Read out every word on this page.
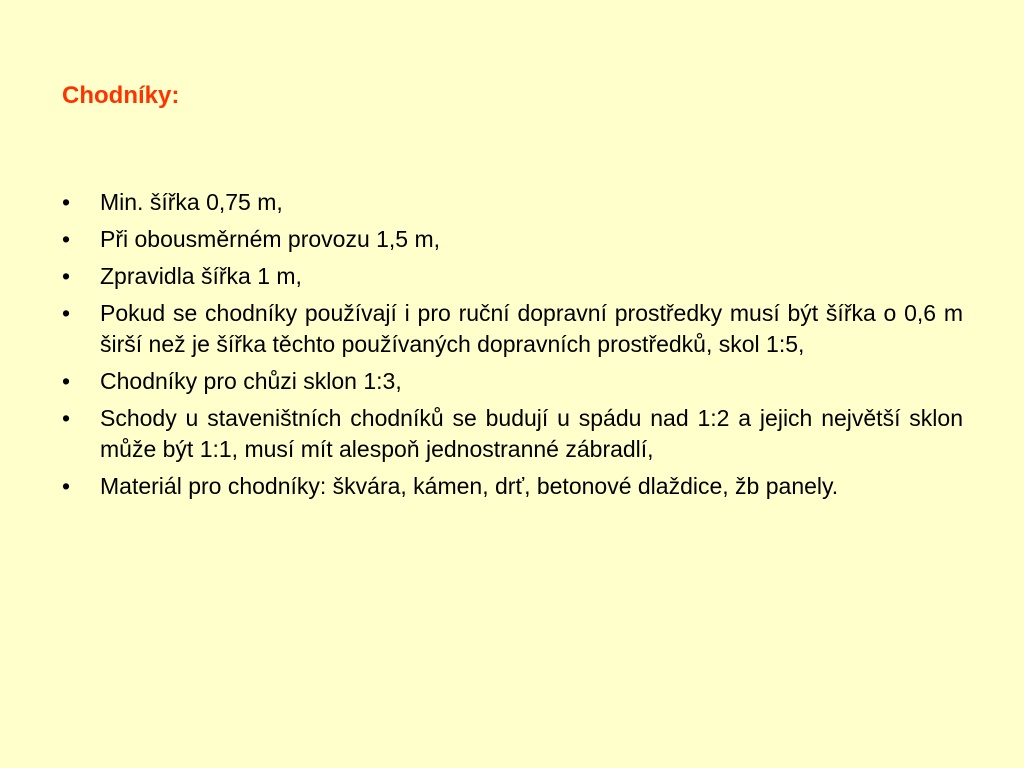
Chodníky:
•	Min. šířka 0,75 m,
•	Při obousměrném provozu 1,5 m,
•	Zpravidla šířka 1 m,
•	Pokud se chodníky používají i pro ruční dopravní prostředky musí být šířka o 0,6 m širší než je šířka těchto používaných dopravních prostředků, skol 1:5,
•	Chodníky pro chůzi sklon 1:3,
•	Schody u staveništních chodníků se budují u spádu nad 1:2 a jejich největší sklon může být 1:1, musí mít alespoň jednostranné zábradlí,
•	Materiál pro chodníky: škvára, kámen, drť, betonové dlaždice, žb panely.
